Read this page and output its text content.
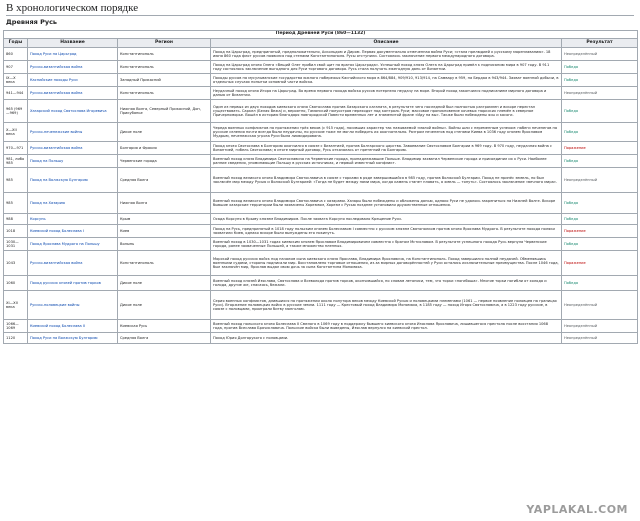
В хронологическом порядке
Древняя Русь
Период Древней Руси (860—1132)				
Годы	Название	Регион	Описание	Результат
860	Поход Руси на Царьград	Константинополь	Поход на Царьград, предпринятый, предположительно, Аскольдом и Диром. Первая документально отмеченная война Руси; «стала прелюдией к русскому мореплаванию». 18 июня 860 года флот руссов появился под стенами Константинополя. Русы отступили. Состоялось заключение первого международного договора.	Неопределённый
907	Русско-византийская война	Константинополь	Поход на Царьград князя Олега «Вещий Олег прибил свой щит на вратах Царьграда». Успешный поход князя Олега на Царьград привёл к подписанию мира в 907 году. В 911 году состоялось заключение выгодного для Руси торгового договора. Русь стала получать ежегодную дань от Византии.	Победа
IX—X века	Каспийские походы Руси	Западный Прикаспий	Походы руссов на мусульманские государства южного побережья Каспийского моря в 864/884, 909/910, 913/914, на Самвару в 959, на Бердаа в 943/944. Захват военной добычи, в отдельных случаях попытки основной части войска.	Победа
941—944	Русско-византийская война	Константинополь	Неудачный поход князя Игоря на Царьград. Во время первого похода войско руссов потерпело неудачу на море. Второй поход закончился подписанием мирного договора и данью от Византии.	Неопределённый
965 (969—969)	Хазарский поход Святослава Игоревича	Нижняя Волга, Северный Прикаспий, Дон, Прикубанье	Один из первых из двух походов киевского князя Святослава против Хазарского каганата, в результате чего последний был полностью разгромлен и вскоре перестал существовать. Саркел (Белая Вежа) и, вероятно, Таманский полуостров переходят под контроль Руси; массовое проникновение кочевых тюркских племён в северное Причерноморье. Вошёл в историю благодаря новгородской Повести временных лет и знаменитой фразе «Иду на вы». Также были побеждены ясы и касоги.	Победа
X—XII века	Русско-печенежские войны	Дикое поле	Череда военных конфликтов на протяжении трёх веков (с 915 года), носивших характер так называемой «малой войны». Войны шли с переменным успехом: набеги печенегов на русские селения почти всегда были неудачны, но русские тоже не могли победить их окончательно. Разгром печенегов под стенами Киева в 1036 году князем Ярославом Мудрым, печенежская угроза Руси была ликвидирована.	Победа
970—971	Русско-византийская война	Болгария и Фракия	Поход князя Святослава в Болгарию окончился в союзе с Византией, против Болгарского царства. Завоевание Святославом Болгарии в 969 году. В 970 году, неудачная война с Византией, гибель Святослава; в итоге мирный договор, Русь отказалась от претензий на Болгарию.	Поражение
981, либо 985	Поход на Польшу	Червенские города	Военный поход князя Владимира Святославича на Червенские города, принадлежавшие Польше. Владимир захватил Червенские города и присоединил их к Руси. Наиболее ранние сведения, упоминающие Польшу в русских источниках, и первый известный конфликт.	Победа
985	Поход на Волжскую Булгарию	Средняя Волга	Военный поход великого князя Владимира Святославича в союзе с торками в ряде завершившийся в 985 году, против Волжской Булгарии. Поход не принёс земель, но был заключён мир между Русью и Волжской Булгарией: «Тогда не будет между нами мира, когда камень станет плавать, а хмель — тонуть». Состоялось заключение «вечного мира».	Неопределённый
985	Поход на Хазарию	Нижняя Волга	Военный поход великого князя Владимира Святославича с хазарами. Хазары были побеждены и обложены данью, однако Руси не удалось закрепиться на Нижней Волге. Вскоре бывшие хазарские территории были захвачены Хорезмом, Хорезм с Русью позднее установили дружественные отношения.	Победа
988	Корсунь	Крым	Осада Корсуня в Крыму князем Владимиром. После захвата Корсуня последовало Крещение Руси.	Победа
1018	Киевский поход Болеслава I	Киев	Поход на Русь, предпринятый в 1018 году польским князем Болеславом I совместно с русским князем Святополком против князя Ярослава Мудрого. В результате похода поляки захватили Киев, однако вскоре были вынуждены его покинуть.	Поражение
1030—1031	Поход Ярослава Мудрого на Польшу	Волынь	Военный поход в 1030—1031 годах киевским князем Ярославом Владимировичем совместно с братом Мстиславом. В результате успешного похода Русь вернула Червенские города, ранее захваченные Польшей, а также множество пленных.	Победа
1043	Русско-византийская война	Константинополь	Морской поход русских войск под началом сына киевского князя Ярослава, Владимира Ярославича, на Константинополь. Поход завершился полной неудачей. Обменявшись военными судами, стороны подписали мир. Восстановлено торговые отношения, из-за мирных договорённостей у Руси остались исключительные преимущества. После 1046 года, был заключён мир, Ярослав выдал свою дочь за сына Константина Мономаха.	Поражение
1060	Поход русских князей против торков	Дикое поле	Военный поход князей Изяслава, Святослава и Всеволода против торков, окончившийся, по словам летописи, тем, что торки «погибоша». Многие торки погибли от холода и голода, другие же, спасаясь, бежали.	Победа
XI—XII века	Русско-половецкие войны	Дикое поле	Серия военных конфликтов, длившихся на протяжении около полутора веков между Киевской Русью и половецкими племенами (1061 — первое появление половцев на границах Руси). Вторжение половецких войск в русские земли. 1111 году — Крестовый поход Владимира Мономаха, в 1185 году — поход Игоря Святославича, а в 1223 году русские, в союзе с половцами, проиграли битву монголам.	Неопределённый
1066—1069	Киевский поход Болеслава II	Киевская Русь	Военный поход польского князя Болеслава II Смелого в 1069 году в поддержку бывшего киевского князя Изяслава Ярославича, лишившегося престола после восстания 1068 года, против Всеслава Брячиславича. Польские войска были выведены, Изяслав вернулся на киевский престол.	Неопределённый
1120	Поход Руси на Волжскую Булгарию	Средняя Волга	Поход Юрия Долгорукого с половцами.	Неопределённый
YAPLAKAL.COM
